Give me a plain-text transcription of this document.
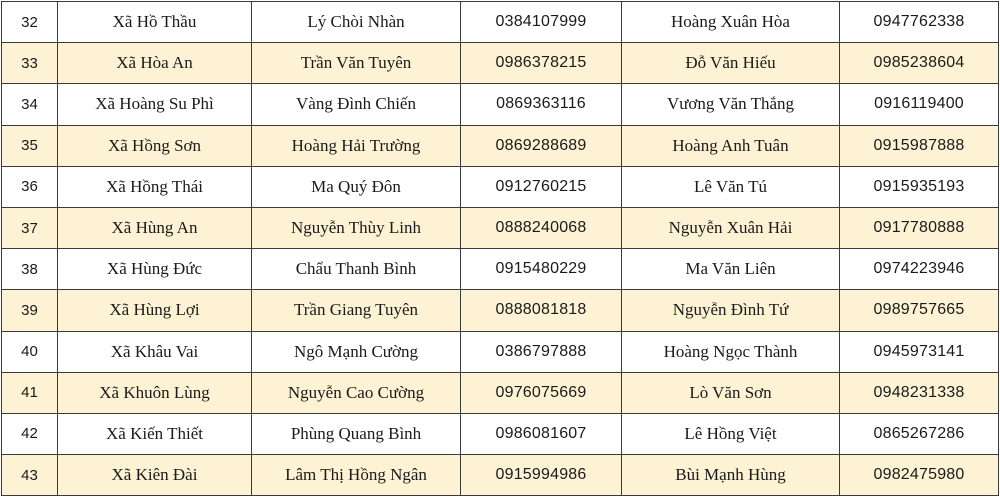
32	Xã Hồ Thầu	Lý Chòi Nhàn	0384107999	Hoàng Xuân Hòa	0947762338
33	Xã Hòa An	Trần Văn Tuyên	0986378215	Đỗ Văn Hiếu	0985238604
34	Xã Hoàng Su Phì	Vàng Đình Chiến	0869363116	Vương Văn Thắng	0916119400
35	Xã Hồng Sơn	Hoàng Hải Trường	0869288689	Hoàng Anh Tuân	0915987888
36	Xã Hồng Thái	Ma Quý Đôn	0912760215	Lê Văn Tú	0915935193
37	Xã Hùng An	Nguyễn Thùy Linh	0888240068	Nguyễn Xuân Hải	0917780888
38	Xã Hùng Đức	Chẩu Thanh Bình	0915480229	Ma Văn Liên	0974223946
39	Xã Hùng Lợi	Trần Giang Tuyên	0888081818	Nguyễn Đình Tứ	0989757665
40	Xã Khâu Vai	Ngô Mạnh Cường	0386797888	Hoàng Ngọc Thành	0945973141
41	Xã Khuôn Lùng	Nguyễn Cao Cường	0976075669	Lò Văn Sơn	0948231338
42	Xã Kiến Thiết	Phùng Quang Bình	0986081607	Lê Hồng Việt	0865267286
43	Xã Kiên Đài	Lâm Thị Hồng Ngân	0915994986	Bùi Mạnh Hùng	0982475980
